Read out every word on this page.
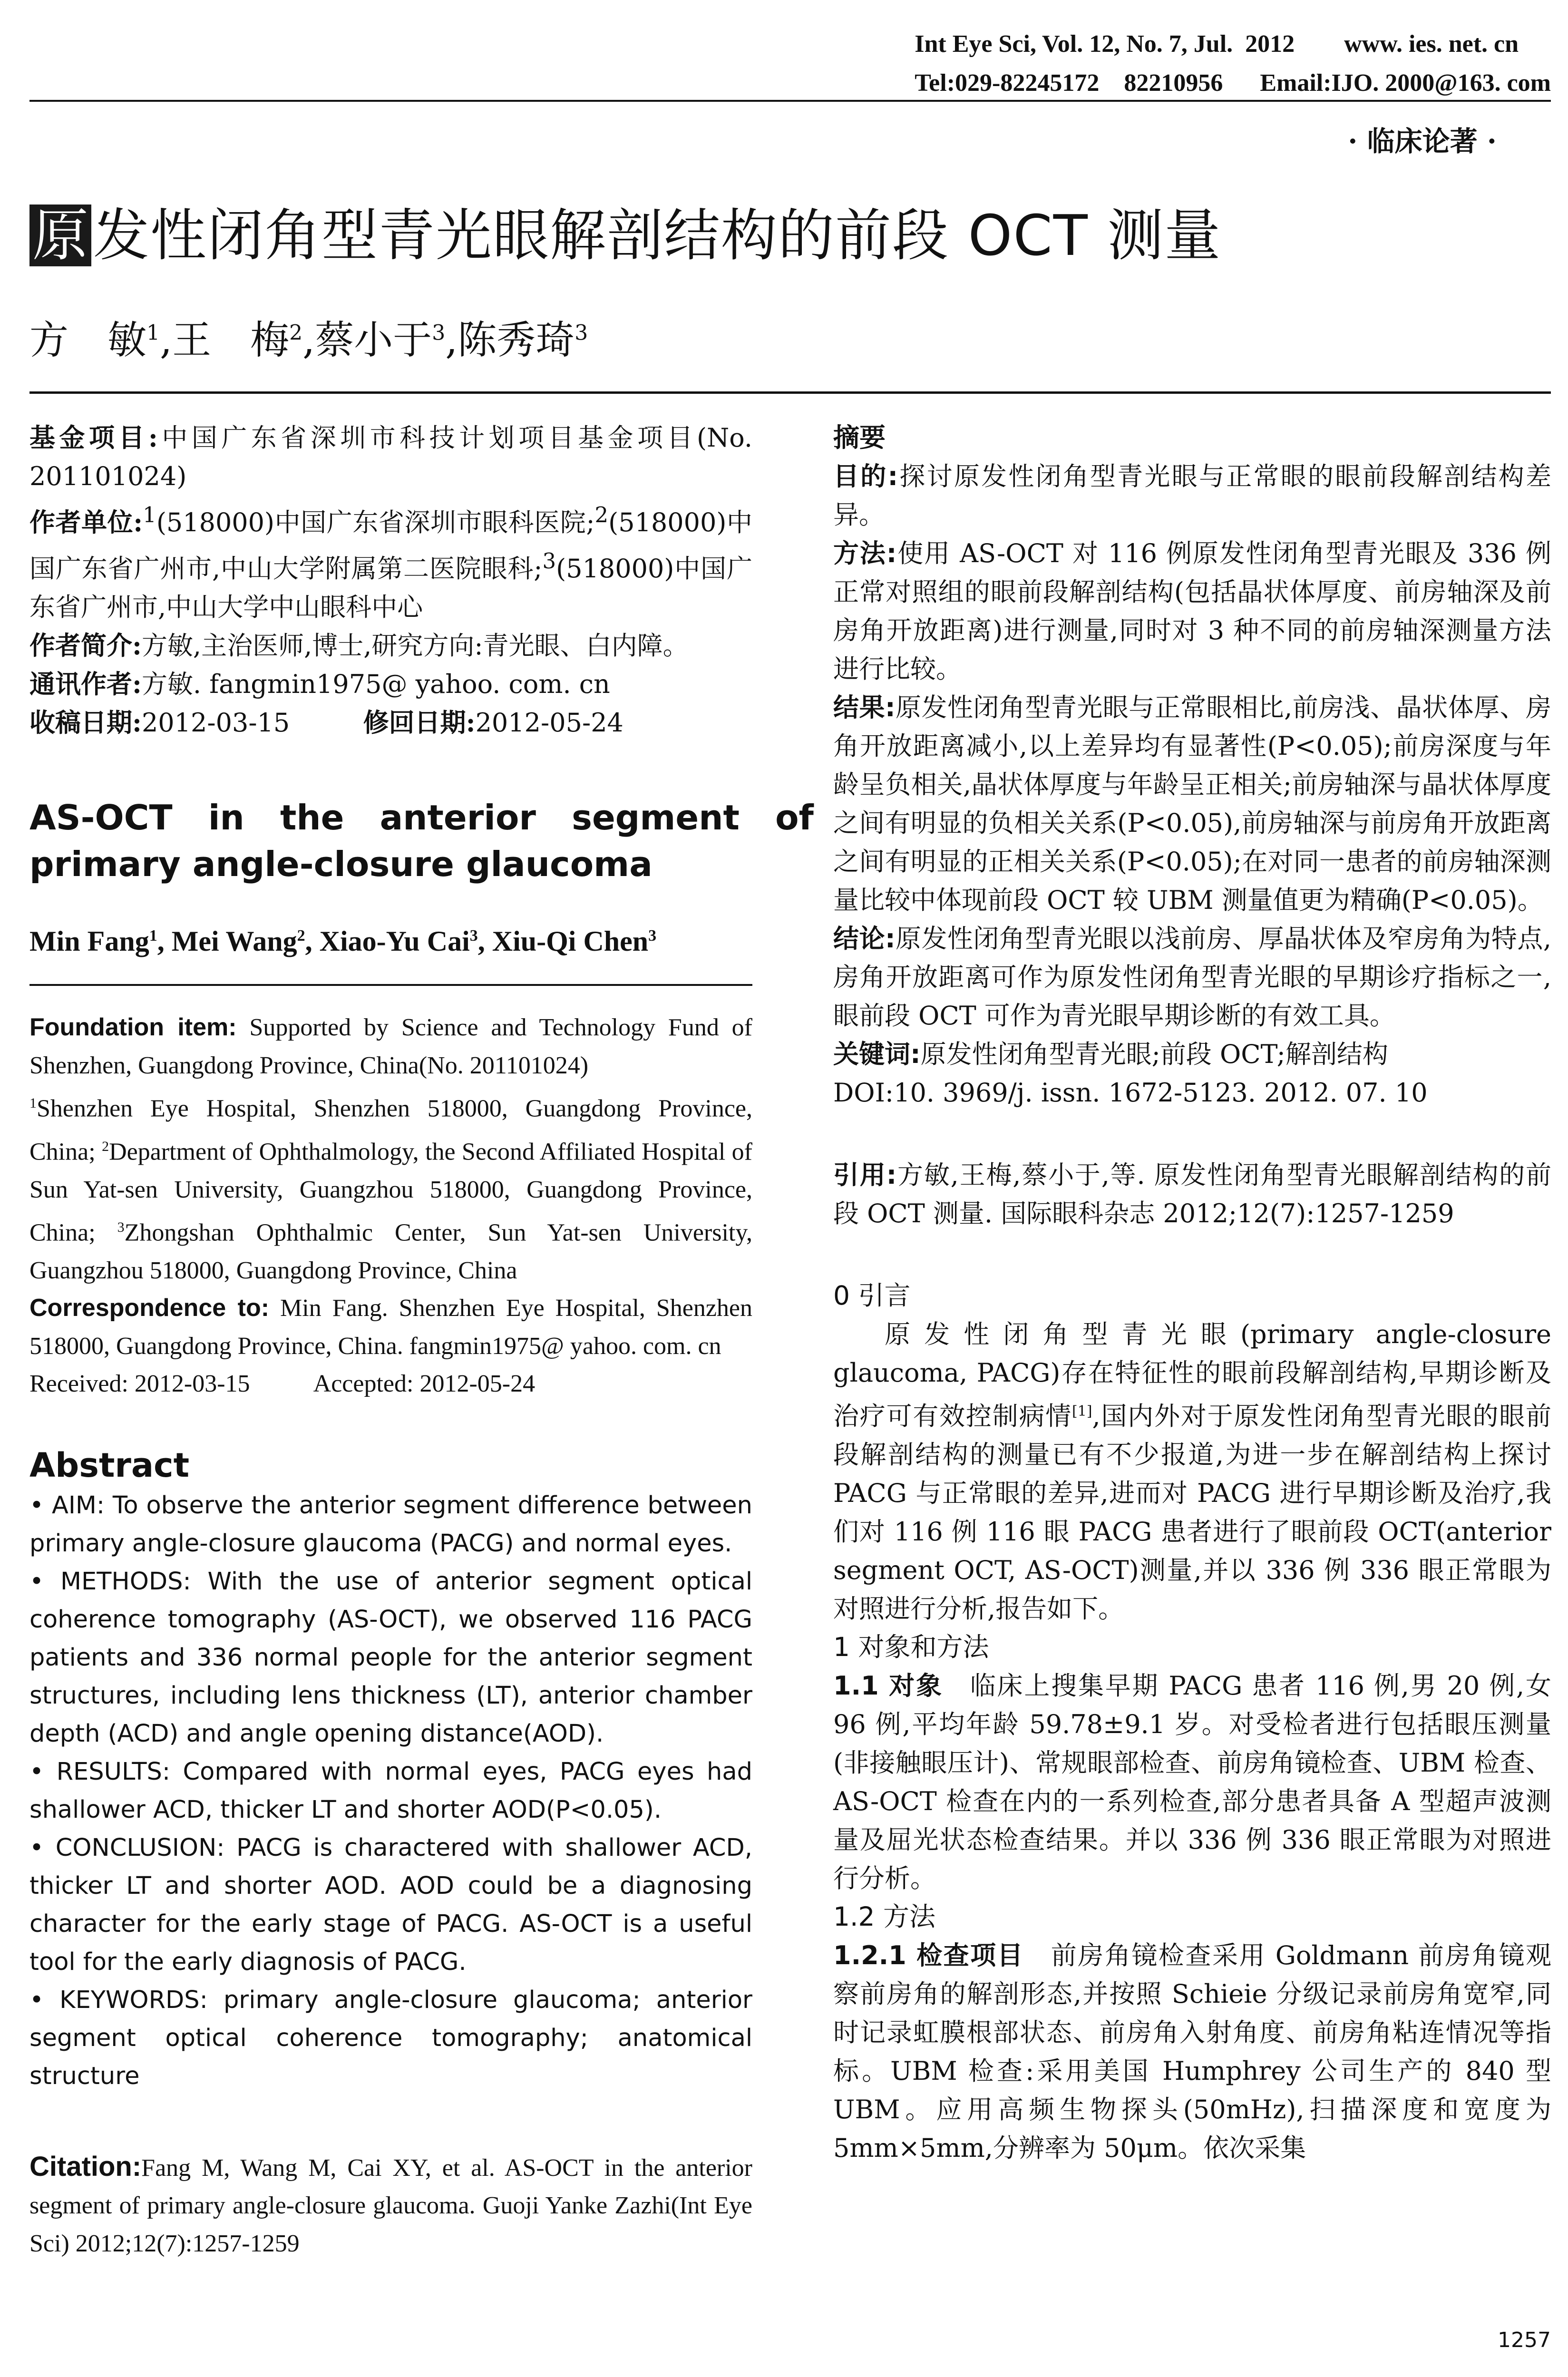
Int Eye Sci, Vol. 12, No. 7, Jul.  2012        www. ies. net. cn
Tel:029-82245172    82210956      Email:IJO. 2000@163. com
· 临床论著 ·
原 发性闭角型青光眼解剖结构的前段 OCT 测量
方　敏$^1$,王　梅$^2$,蔡小于$^3$,陈秀琦$^3$
基金项目:中国广东省深圳市科技计划项目基金项目(No. 201101024)
作者单位:$^1$(518000)中国广东省深圳市眼科医院;$^2$(518000)中国广东省广州市,中山大学附属第二医院眼科;$^3$(518000)中国广东省广州市,中山大学中山眼科中心
作者简介:方敏,主治医师,博士,研究方向:青光眼、白内障。
通讯作者:方敏. fangmin1975@ yahoo. com. cn
收稿日期:2012-03-15	修回日期:2012-05-24
AS-OCT   in   the   anterior   segment   of
primary angle-closure glaucoma
Min Fang$^1$, Mei Wang$^2$, Xiao-Yu Cai$^3$, Xiu-Qi Chen$^3$
Foundation item: Supported by Science and Technology Fund of Shenzhen, Guangdong Province, China(No. 201101024)
$^1$Shenzhen Eye Hospital, Shenzhen 518000, Guangdong Province, China; $^2$Department of Ophthalmology, the Second Affiliated Hospital of Sun Yat-sen University, Guangzhou 518000, Guangdong Province, China; $^3$Zhongshan Ophthalmic Center, Sun Yat-sen University, Guangzhou 518000, Guangdong Province, China
Correspondence to: Min Fang. Shenzhen Eye Hospital, Shenzhen 518000, Guangdong Province, China. fangmin1975@ yahoo. com. cn
Received: 2012-03-15	Accepted: 2012-05-24
Abstract
• AIM: To observe the anterior segment difference between primary angle-closure glaucoma (PACG) and normal eyes.
• METHODS: With the use of anterior segment optical coherence tomography (AS-OCT), we observed 116 PACG patients and 336 normal people for the anterior segment structures, including lens thickness (LT), anterior chamber depth (ACD) and angle opening distance(AOD).
• RESULTS: Compared with normal eyes, PACG eyes had shallower ACD, thicker LT and shorter AOD(P<0.05).
• CONCLUSION: PACG is charactered with shallower ACD, thicker LT and shorter AOD. AOD could be a diagnosing character for the early stage of PACG. AS-OCT is a useful tool for the early diagnosis of PACG.
• KEYWORDS: primary angle-closure glaucoma; anterior segment optical coherence tomography; anatomical structure
Citation:Fang M, Wang M, Cai XY, et al. AS-OCT in the anterior segment of primary angle-closure glaucoma. Guoji Yanke Zazhi(Int Eye Sci) 2012;12(7):1257-1259
摘要
目的:探讨原发性闭角型青光眼与正常眼的眼前段解剖结构差异。
方法:使用 AS-OCT 对 116 例原发性闭角型青光眼及 336 例正常对照组的眼前段解剖结构(包括晶状体厚度、前房轴深及前房角开放距离)进行测量,同时对 3 种不同的前房轴深测量方法进行比较。
结果:原发性闭角型青光眼与正常眼相比,前房浅、晶状体厚、房角开放距离减小,以上差异均有显著性(P<0.05);前房深度与年龄呈负相关,晶状体厚度与年龄呈正相关;前房轴深与晶状体厚度之间有明显的负相关关系(P<0.05),前房轴深与前房角开放距离之间有明显的正相关关系(P<0.05);在对同一患者的前房轴深测量比较中体现前段 OCT 较 UBM 测量值更为精确(P<0.05)。
结论:原发性闭角型青光眼以浅前房、厚晶状体及窄房角为特点,房角开放距离可作为原发性闭角型青光眼的早期诊疗指标之一,眼前段 OCT 可作为青光眼早期诊断的有效工具。
关键词:原发性闭角型青光眼;前段 OCT;解剖结构
DOI:10. 3969/j. issn. 1672-5123. 2012. 07. 10
引用:方敏,王梅,蔡小于,等. 原发性闭角型青光眼解剖结构的前段 OCT 测量. 国际眼科杂志 2012;12(7):1257-1259
0 引言
原发性闭角型青光眼(primary angle-closure glaucoma, PACG)存在特征性的眼前段解剖结构,早期诊断及治疗可有效控制病情[1],国内外对于原发性闭角型青光眼的眼前段解剖结构的测量已有不少报道,为进一步在解剖结构上探讨 PACG 与正常眼的差异,进而对 PACG 进行早期诊断及治疗,我们对 116 例 116 眼 PACG 患者进行了眼前段 OCT(anterior segment OCT, AS-OCT)测量,并以 336 例 336 眼正常眼为对照进行分析,报告如下。
1 对象和方法
1.1 对象 临床上搜集早期 PACG 患者 116 例,男 20 例,女 96 例,平均年龄 59.78±9.1 岁。对受检者进行包括眼压测量(非接触眼压计)、常规眼部检查、前房角镜检查、UBM 检查、AS-OCT 检查在内的一系列检查,部分患者具备 A 型超声波测量及屈光状态检查结果。并以 336 例 336 眼正常眼为对照进行分析。
1.2 方法
1.2.1 检查项目 前房角镜检查采用 Goldmann 前房角镜观察前房角的解剖形态,并按照 Schieie 分级记录前房角宽窄,同时记录虹膜根部状态、前房角入射角度、前房角粘连情况等指标。UBM 检查:采用美国 Humphrey 公司生产的 840 型 UBM。应用高频生物探头(50mHz),扫描深度和宽度为 5mm×5mm,分辨率为 50μm。依次采集
1257
